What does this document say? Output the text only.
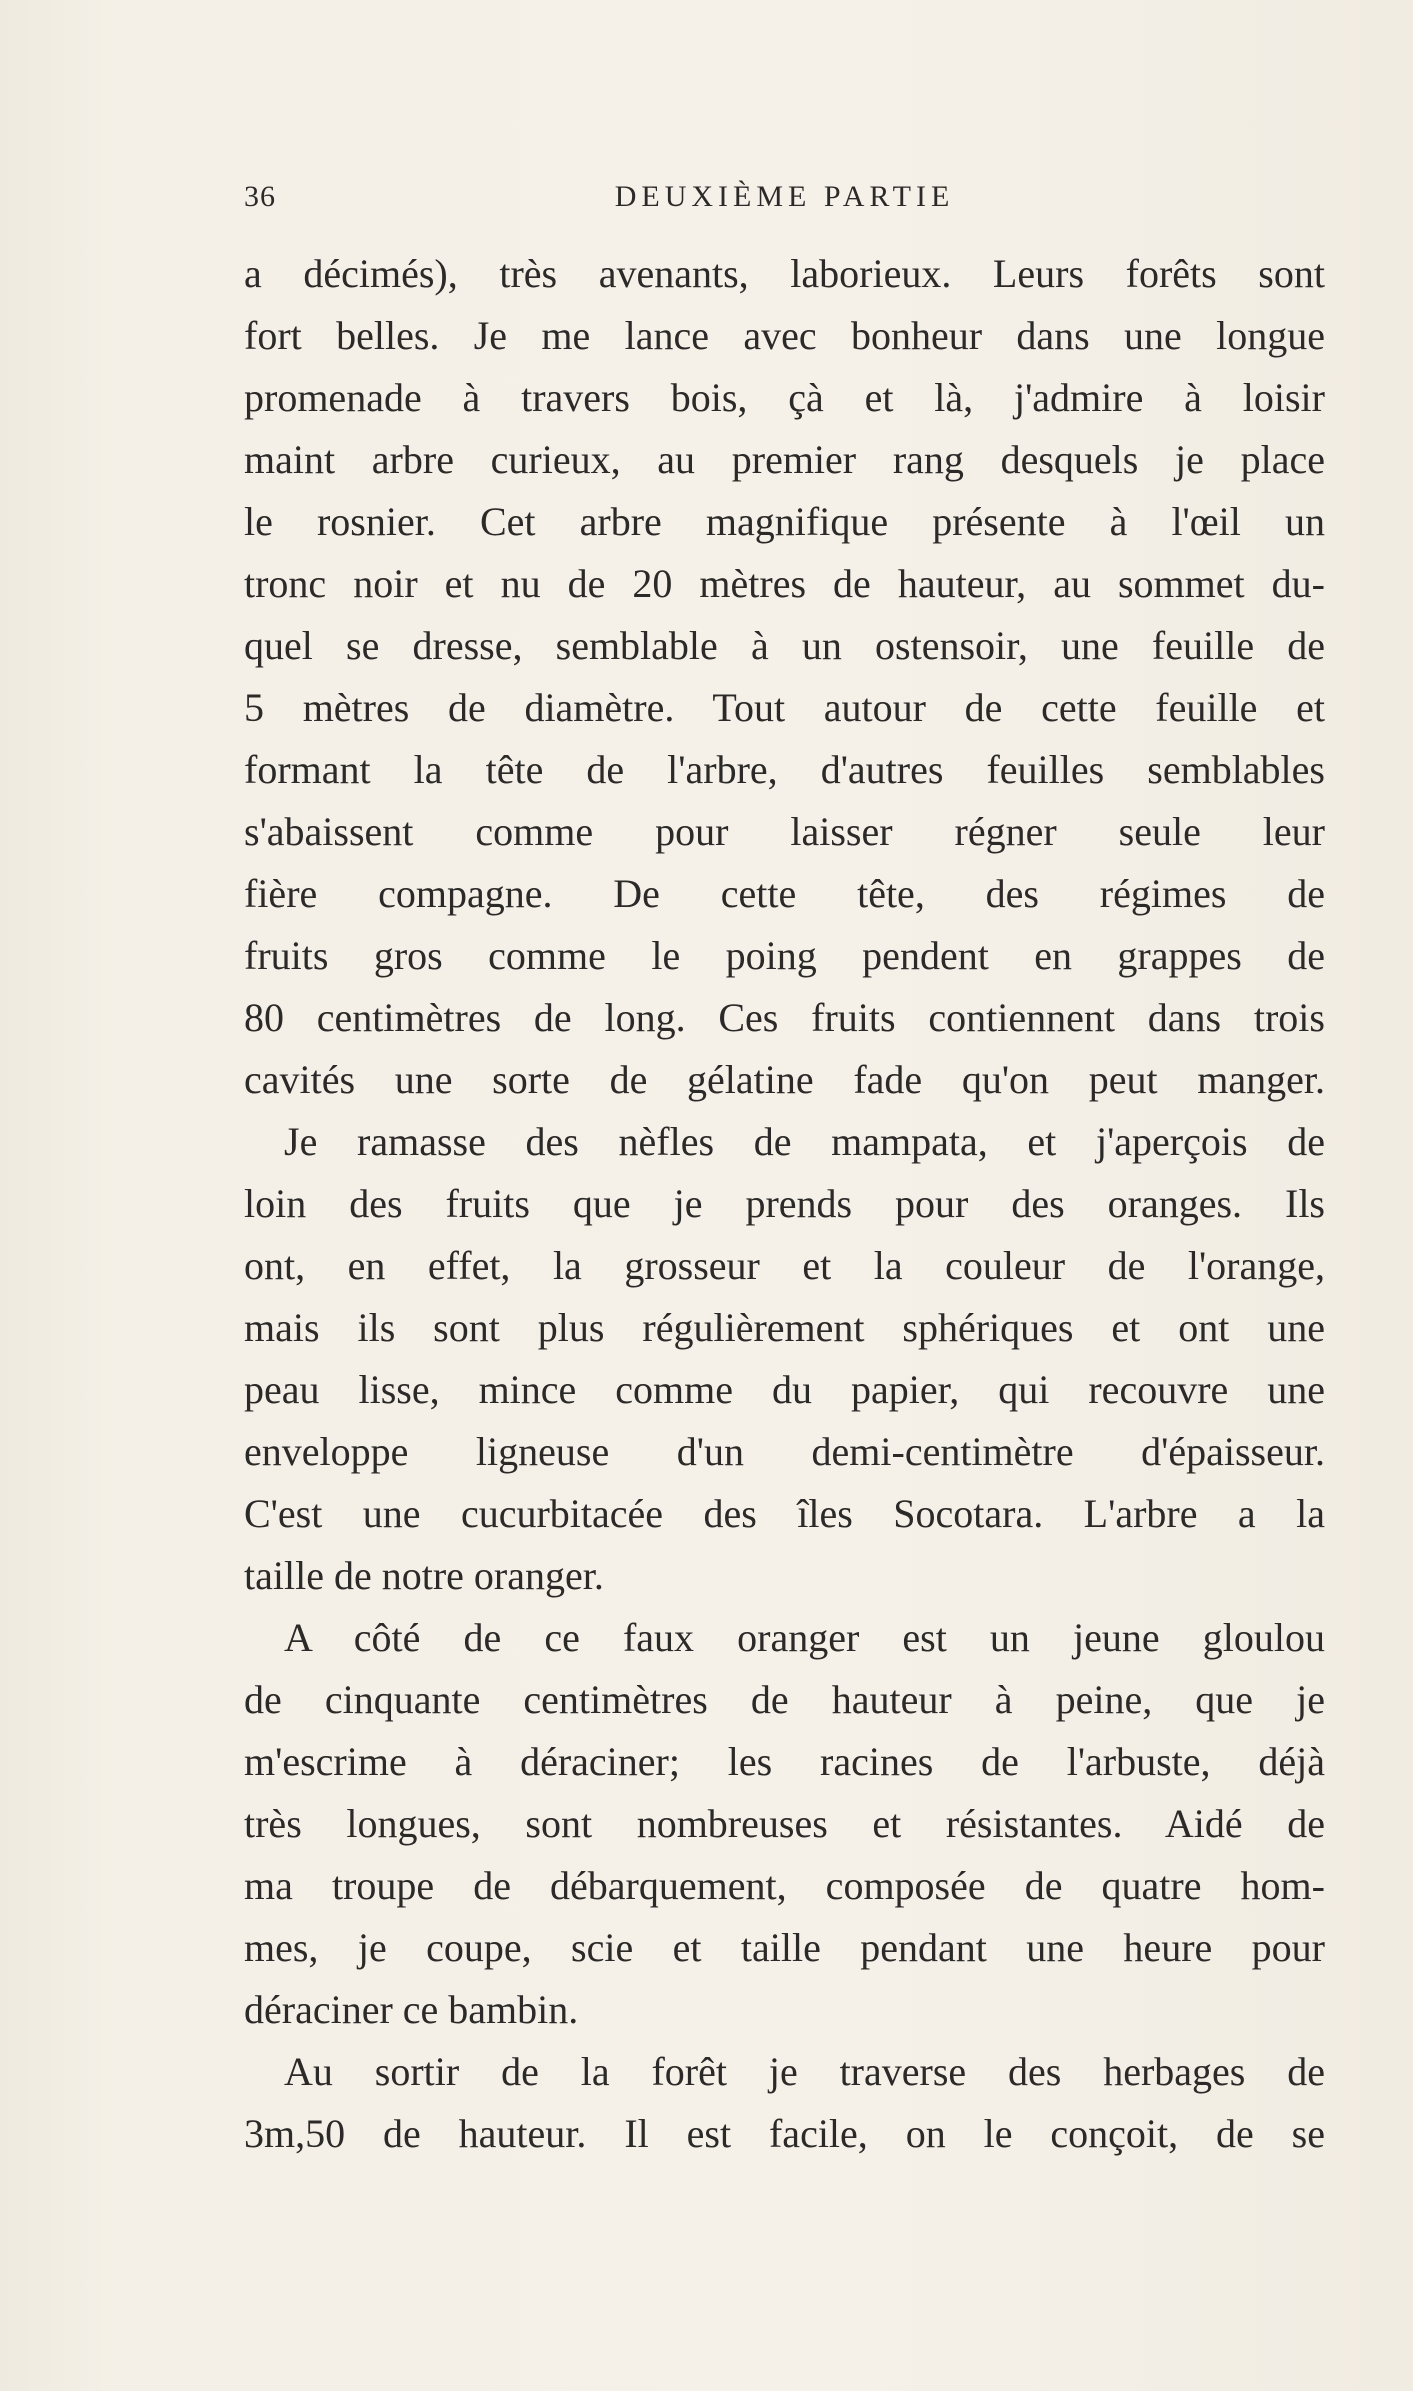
36	DEUXIÈME PARTIE
a décimés), très avenants, laborieux. Leurs forêts sont
fort belles. Je me lance avec bonheur dans une longue
promenade à travers bois, çà et là, j'admire à loisir
maint arbre curieux, au premier rang desquels je place
le rosnier. Cet arbre magnifique présente à l'œil un
tronc noir et nu de 20 mètres de hauteur, au sommet du-
quel se dresse, semblable à un ostensoir, une feuille de
5 mètres de diamètre. Tout autour de cette feuille et
formant la tête de l'arbre, d'autres feuilles semblables
s'abaissent comme pour laisser régner seule leur
fière compagne. De cette tête, des régimes de
fruits gros comme le poing pendent en grappes de
80 centimètres de long. Ces fruits contiennent dans trois
cavités une sorte de gélatine fade qu'on peut manger.
Je ramasse des nèfles de mampata, et j'aperçois de
loin des fruits que je prends pour des oranges. Ils
ont, en effet, la grosseur et la couleur de l'orange,
mais ils sont plus régulièrement sphériques et ont une
peau lisse, mince comme du papier, qui recouvre une
enveloppe ligneuse d'un demi-centimètre d'épaisseur.
C'est une cucurbitacée des îles Socotara. L'arbre a la
taille de notre oranger.
A côté de ce faux oranger est un jeune gloulou
de cinquante centimètres de hauteur à peine, que je
m'escrime à déraciner; les racines de l'arbuste, déjà
très longues, sont nombreuses et résistantes. Aidé de
ma troupe de débarquement, composée de quatre hom-
mes, je coupe, scie et taille pendant une heure pour
déraciner ce bambin.
Au sortir de la forêt je traverse des herbages de
3m,50 de hauteur. Il est facile, on le conçoit, de se
